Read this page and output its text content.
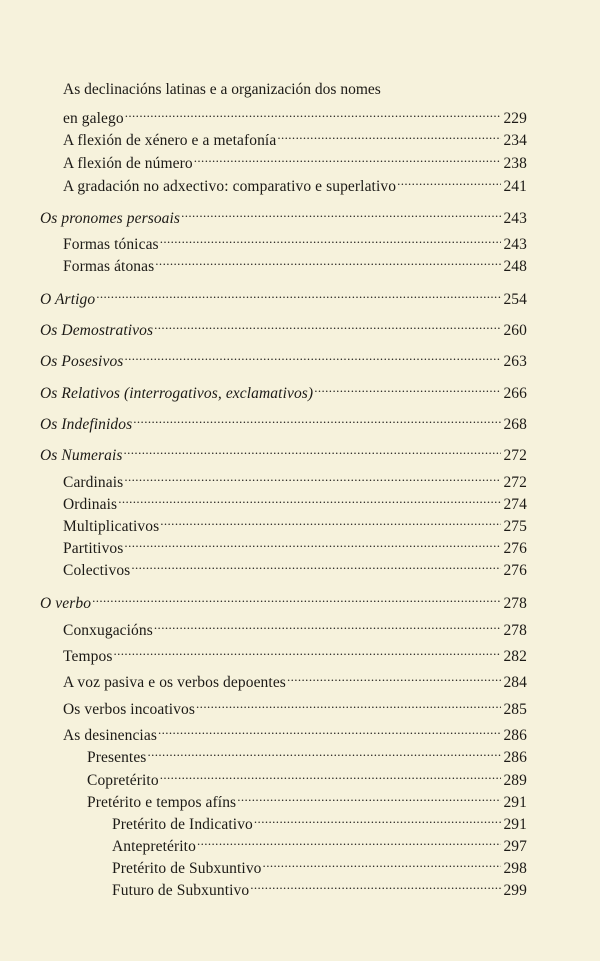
As declinacións latinas e a organización dos nomes
en galego .....	229
A flexión de xénero e a metafonía .....	234
A flexión de número .....	238
A gradación no adxectivo: comparativo e superlativo .....	241
Os pronomes persoais .....	243
Formas tónicas .....	243
Formas átonas .....	248
O Artigo .....	254
Os Demostrativos .....	260
Os Posesivos .....	263
Os Relativos (interrogativos, exclamativos) .....	266
Os Indefinidos .....	268
Os Numerais .....	272
Cardinais .....	272
Ordinais .....	274
Multiplicativos .....	275
Partitivos .....	276
Colectivos .....	276
O verbo .....	278
Conxugacións .....	278
Tempos .....	282
A voz pasiva e os verbos depoentes .....	284
Os verbos incoativos .....	285
As desinencias .....	286
Presentes .....	286
Copretérito .....	289
Pretérito e tempos afíns .....	291
Pretérito de Indicativo .....	291
Antepretérito .....	297
Pretérito de Subxuntivo .....	298
Futuro de Subxuntivo .....	299
